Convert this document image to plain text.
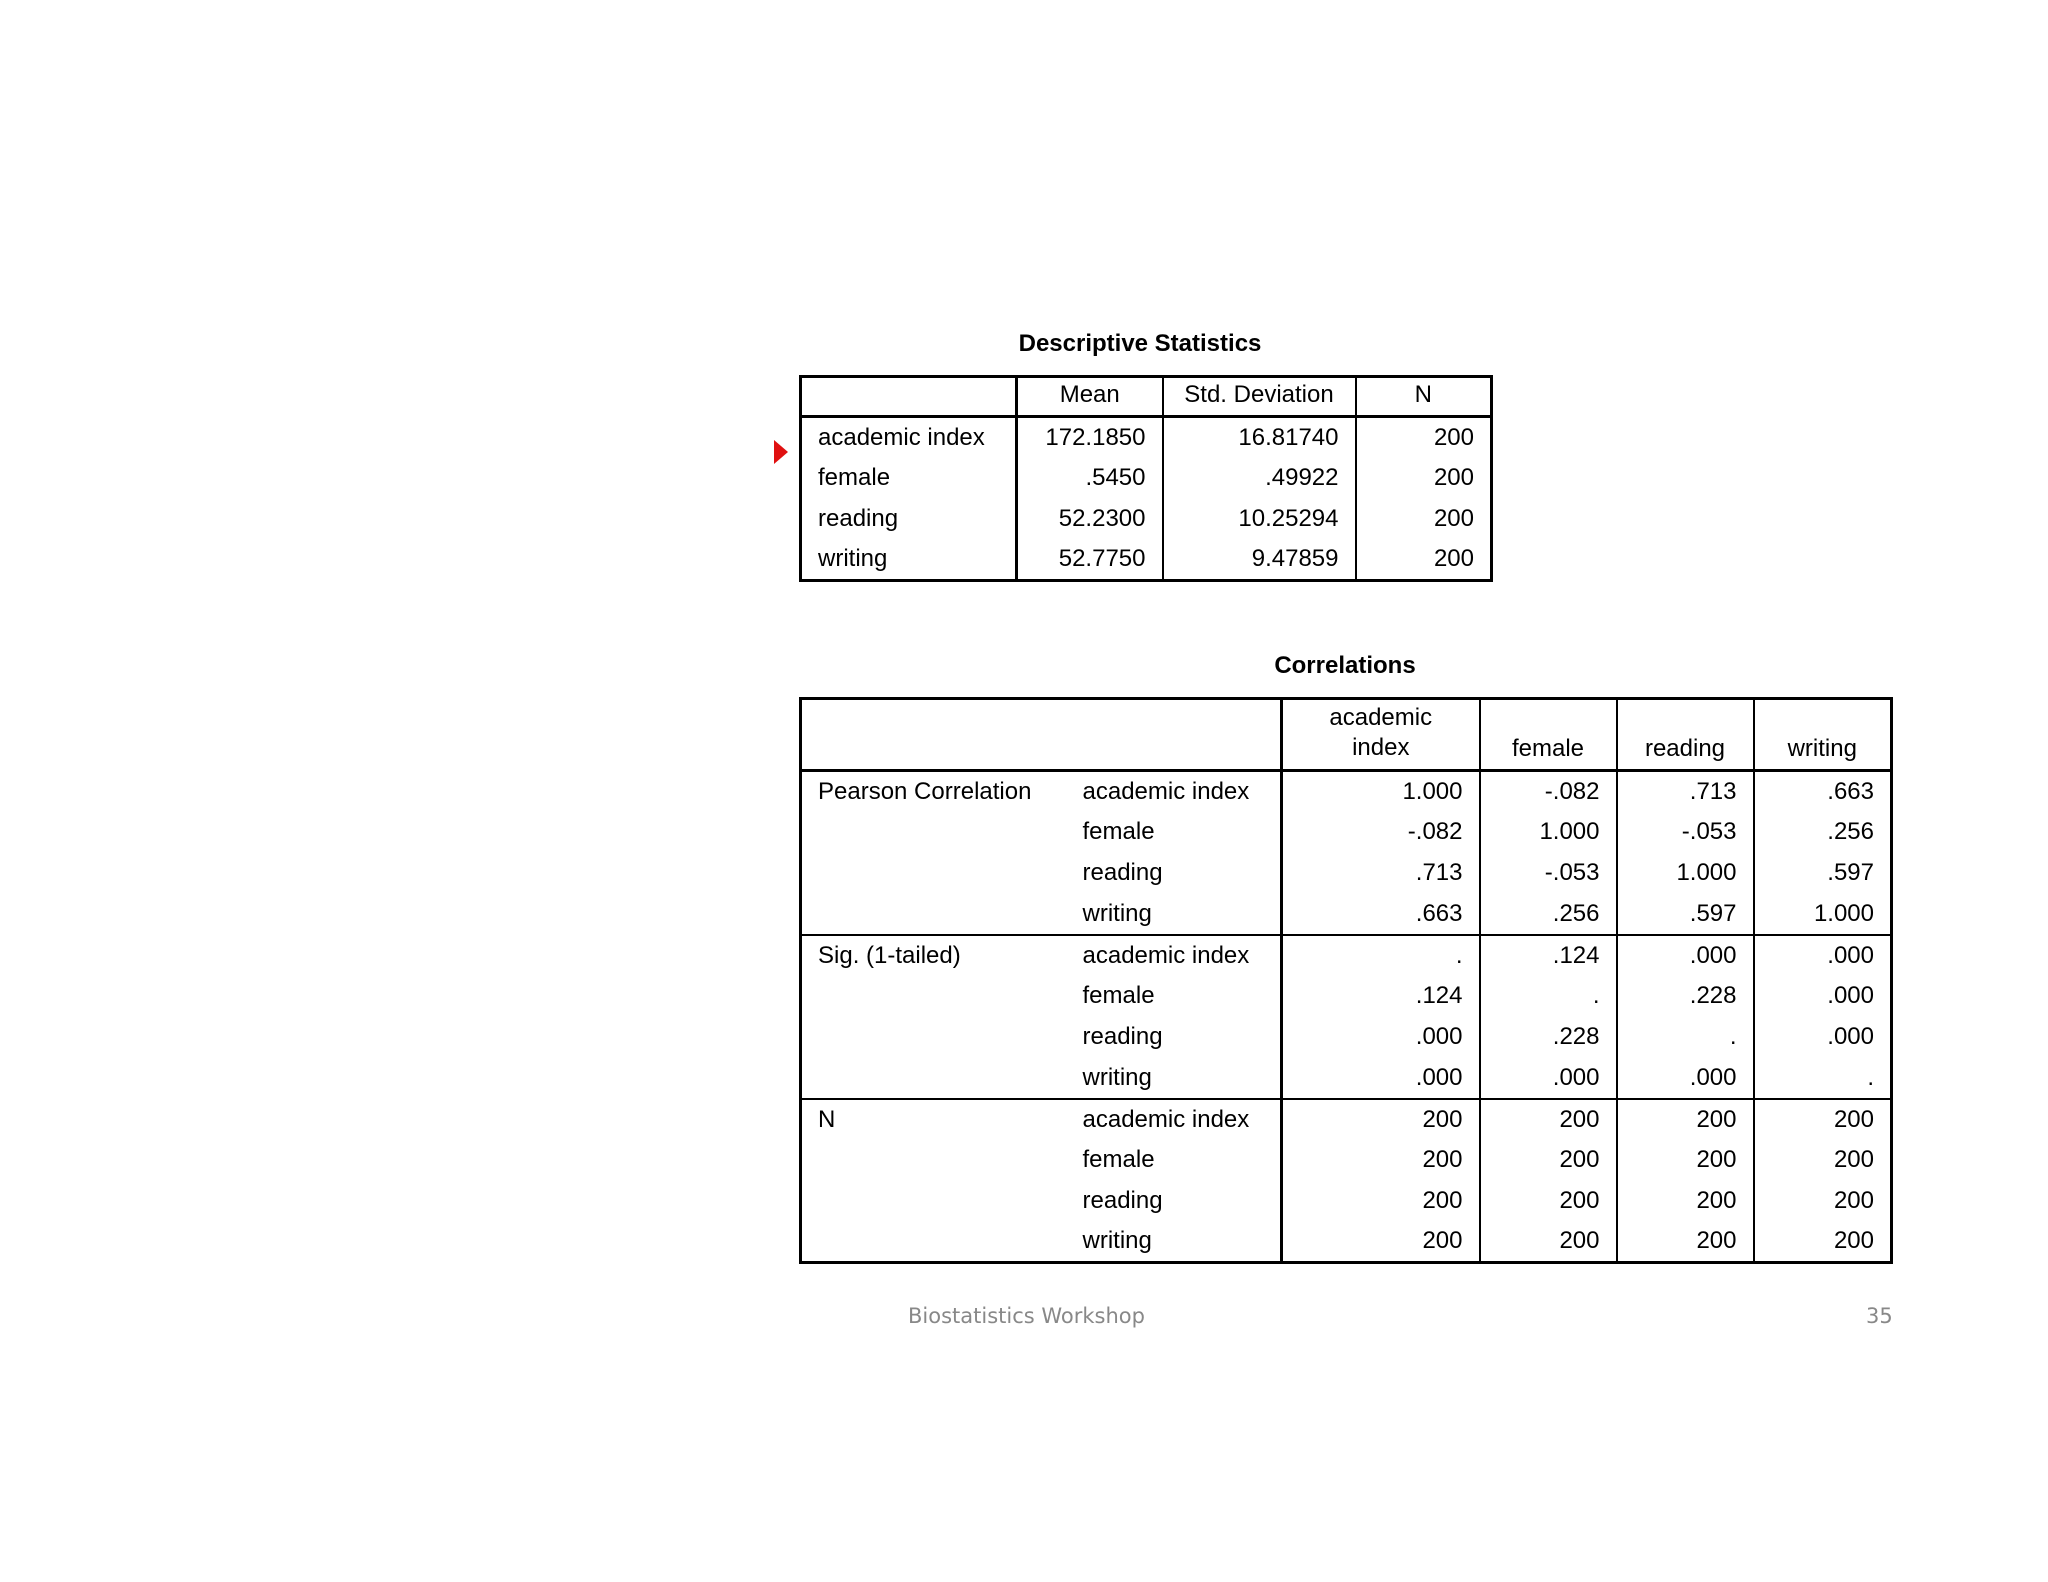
Descriptive Statistics
	Mean	Std. Deviation	N
academic index	172.1850	16.81740	200
female	.5450	.49922	200
reading	52.2300	10.25294	200
writing	52.7750	9.47859	200
Correlations
		academic index	female	reading	writing
Pearson Correlation	academic index	1.000	-.082	.713	.663
	female	-.082	1.000	-.053	.256
	reading	.713	-.053	1.000	.597
	writing	.663	.256	.597	1.000
Sig. (1-tailed)	academic index	.	.124	.000	.000
	female	.124	.	.228	.000
	reading	.000	.228	.	.000
	writing	.000	.000	.000	.
N	academic index	200	200	200	200
	female	200	200	200	200
	reading	200	200	200	200
	writing	200	200	200	200
Biostatistics Workshop	35
